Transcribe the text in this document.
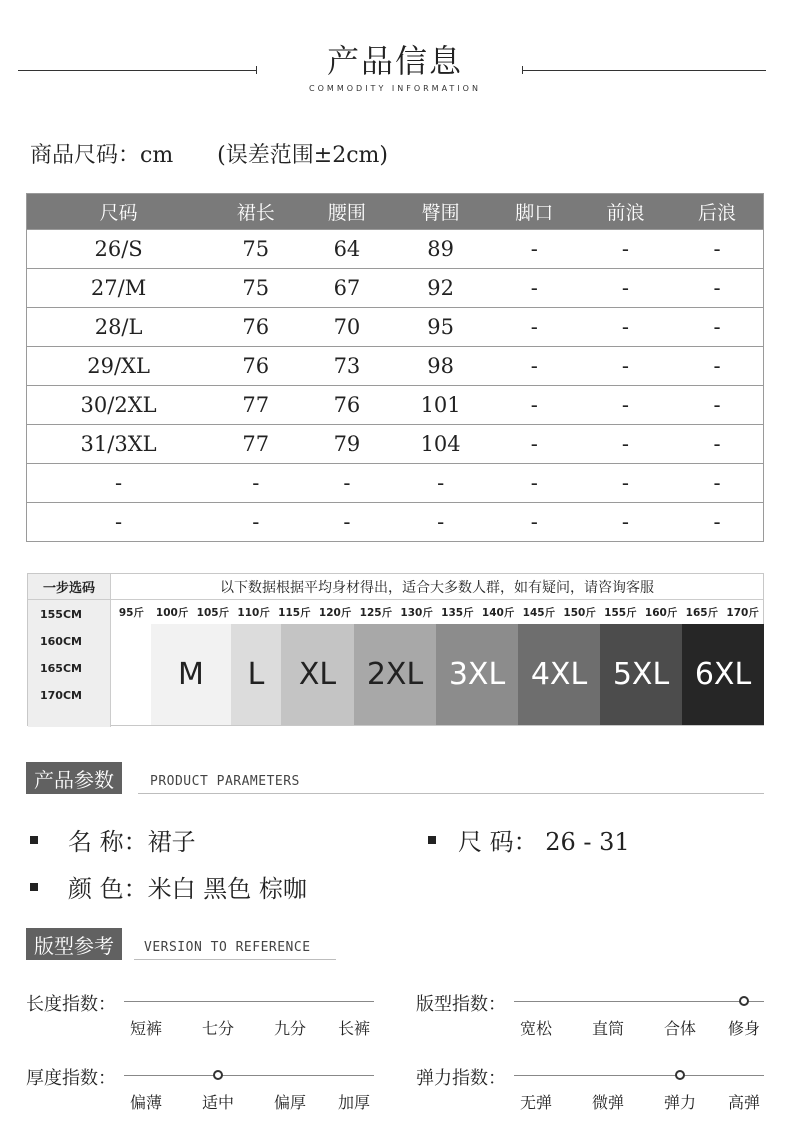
产品信息
COMMODITY INFORMATION
商品尺码：cm　　(误差范围±2cm)
尺码	裙长	腰围	臀围	脚口	前浪	后浪
26/S	75	64	89	-	-	-
27/M	75	67	92	-	-	-
28/L	76	70	95	-	-	-
29/XL	76	73	98	-	-	-
30/2XL	77	76	101	-	-	-
31/3XL	77	79	104	-	-	-
-	-	-	-	-	-	-
-	-	-	-	-	-	-
一步选码	以下数据根据平均身材得出，适合大多数人群，如有疑问，请咨询客服
95斤	100斤 105斤 110斤 115斤 120斤 125斤 130斤 135斤 140斤 145斤 150斤 155斤 160斤 165斤 170斤
155CM
160CM
165CM
170CM
M	L	XL	2XL 3XL 4XL 5XL 6XL
产品参数	PRODUCT PARAMETERS
名 称：裙子	尺 码： 26 - 31
颜 色：米白 黑色 棕咖
版型参考	VERSION TO REFERENCE
长度指数：
短裤	七分	九分	长裤
版型指数：
宽松	直筒	合体	修身
厚度指数：
偏薄	适中	偏厚	加厚
弹力指数：
无弹	微弹	弹力	高弹
